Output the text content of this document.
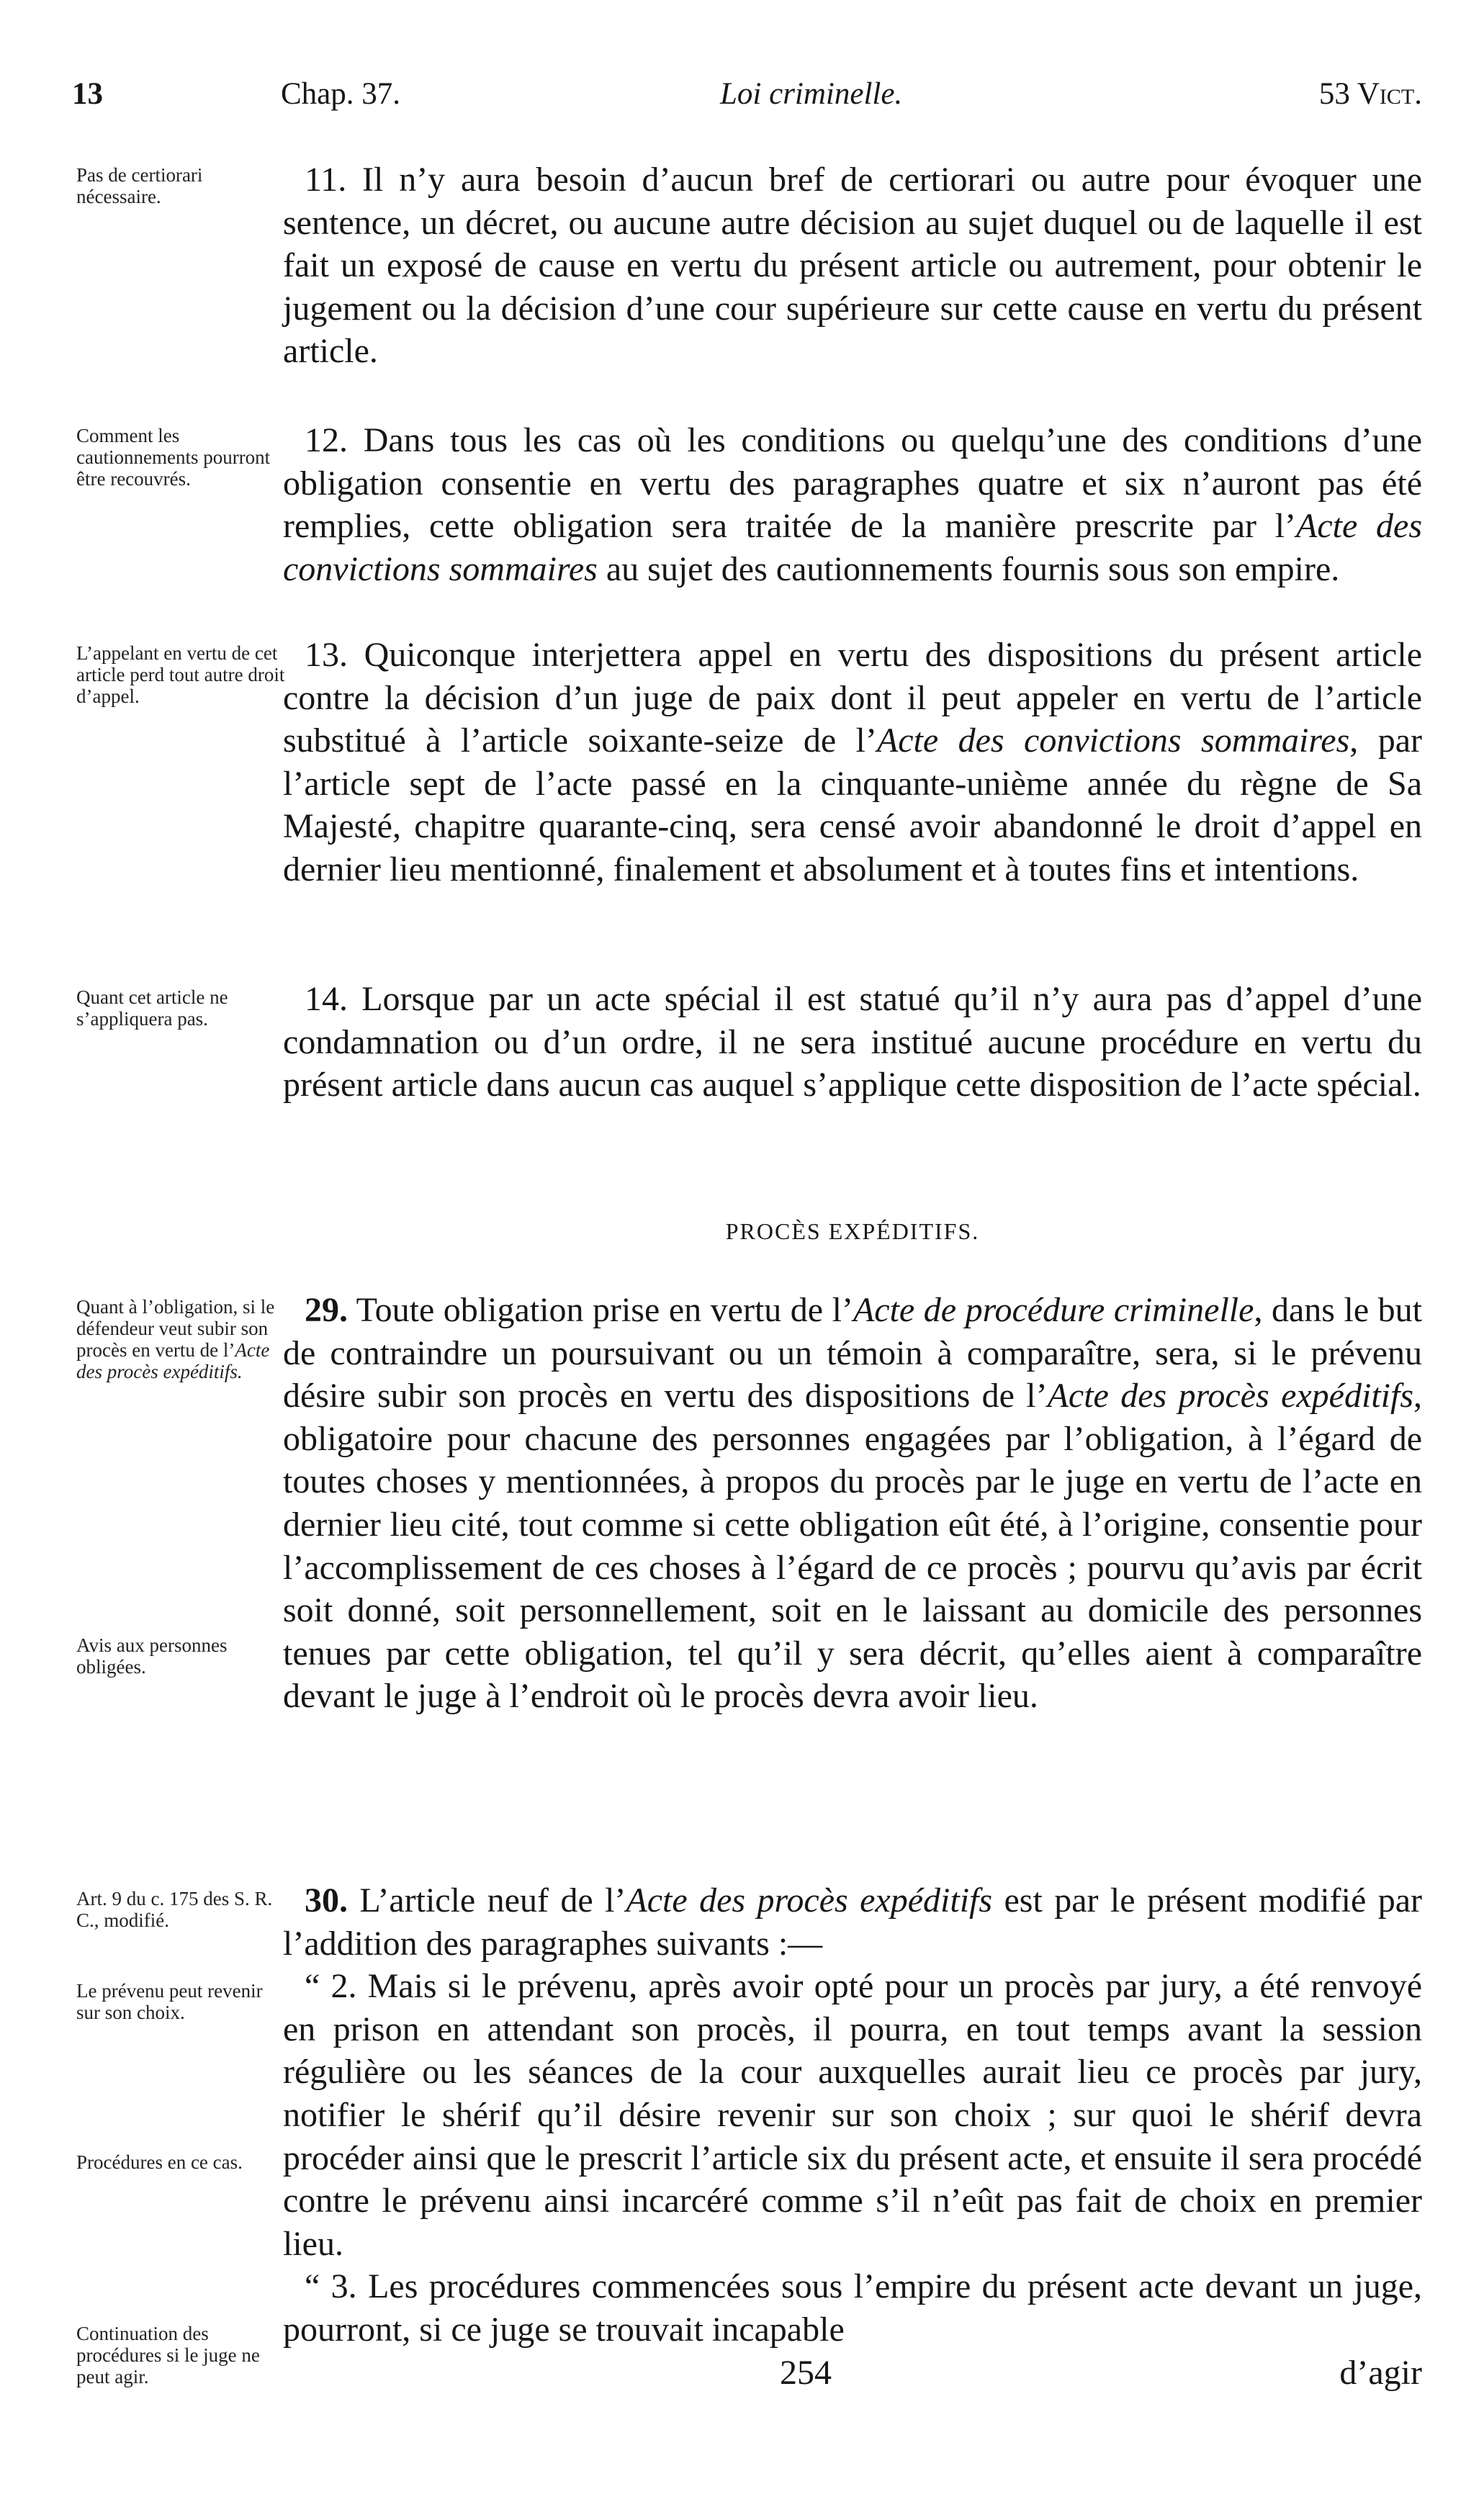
13	Chap. 37.	Loi criminelle.	53 Vict.
Pas de certiorari nécessaire.	11. Il n’y aura besoin d’aucun bref de certiorari ou autre pour évoquer une sentence, un décret, ou aucune autre décision au sujet duquel ou de laquelle il est fait un exposé de cause en vertu du présent article ou autrement, pour obtenir le jugement ou la décision d’une cour supérieure sur cette cause en vertu du présent article.

Comment les cautionnements pourront être recouvrés.

12. Dans tous les cas où les conditions ou quelqu’une des conditions d’une obligation consentie en vertu des paragraphes quatre et six n’auront pas été remplies, cette obligation sera traitée de la manière prescrite par l’Acte des convictions sommaires au sujet des cautionnements fournis sous son empire.

L’appelant en vertu de cet article perd tout autre droit d’appel.

13. Quiconque interjettera appel en vertu des dispositions du présent article contre la décision d’un juge de paix dont il peut appeler en vertu de l’article substitué à l’article soixante-seize de l’Acte des convictions sommaires, par l’article sept de l’acte passé en la cinquante-unième année du règne de Sa Majesté, chapitre quarante-cinq, sera censé avoir abandonné le droit d’appel en dernier lieu mentionné, finalement et absolument et à toutes fins et intentions.

Quant cet article ne s’appliquera pas.

14. Lorsque par un acte spécial il est statué qu’il n’y aura pas d’appel d’une condamnation ou d’un ordre, il ne sera institué aucune procédure en vertu du présent article dans aucun cas auquel s’applique cette disposition de l’acte spécial.

PROCÈS EXPÉDITIFS.
Quant à l’obligation, si le défendeur veut subir son procès en vertu de l’Acte des procès expéditifs.
Avis aux personnes obligées.

29. Toute obligation prise en vertu de l’Acte de procédure criminelle, dans le but de contraindre un poursuivant ou un témoin à comparaître, sera, si le prévenu désire subir son procès en vertu des dispositions de l’Acte des procès expéditifs, obligatoire pour chacune des personnes engagées par l’obligation, à l’égard de toutes choses y mentionnées, à propos du procès par le juge en vertu de l’acte en dernier lieu cité, tout comme si cette obligation eût été, à l’origine, consentie pour l’accomplissement de ces choses à l’égard de ce procès ; pourvu qu’avis par écrit soit donné, soit personnellement, soit en le laissant au domicile des personnes tenues par cette obligation, tel qu’il y sera décrit, qu’elles aient à comparaître devant le juge à l’endroit où le procès devra avoir lieu.

Art. 9 du c. 175 des S. R. C., modifié.
Le prévenu peut revenir sur son choix.
Procédures en ce cas.
Continuation des procédures si le juge ne peut agir.

30. L’article neuf de l’Acte des procès expéditifs est par le présent modifié par l’addition des paragraphes suivants :—

“ 2. Mais si le prévenu, après avoir opté pour un procès par jury, a été renvoyé en prison en attendant son procès, il pourra, en tout temps avant la session régulière ou les séances de la cour auxquelles aurait lieu ce procès par jury, notifier le shérif qu’il désire revenir sur son choix ; sur quoi le shérif devra procéder ainsi que le prescrit l’article six du présent acte, et ensuite il sera procédé contre le prévenu ainsi incarcéré comme s’il n’eût pas fait de choix en premier lieu.

“ 3. Les procédures commencées sous l’empire du présent acte devant un juge, pourront, si ce juge se trouvait incapable

254	d’agir
